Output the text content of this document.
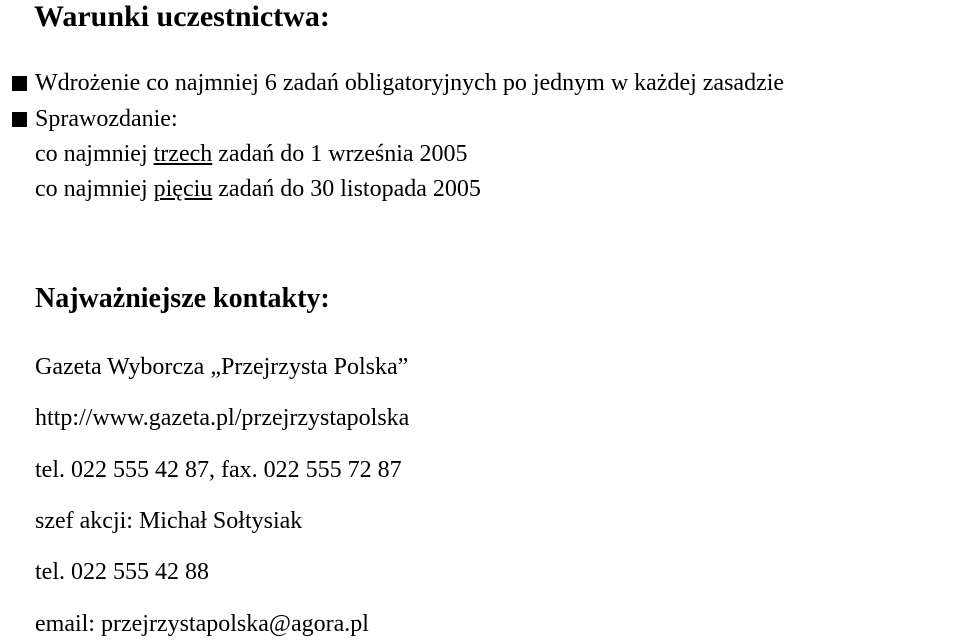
Warunki uczestnictwa:
Wdrożenie co najmniej 6 zadań obligatoryjnych po jednym w każdej zasadzie
Sprawozdanie:
co najmniej trzech zadań do 1 września 2005
co najmniej pięciu zadań do 30 listopada 2005
Najważniejsze kontakty:
Gazeta Wyborcza „Przejrzysta Polska”
http://www.gazeta.pl/przejrzystapolska
tel. 022 555 42 87, fax. 022 555 72 87
szef akcji: Michał Sołtysiak
tel. 022 555 42 88
email: przejrzystapolska@agora.pl
